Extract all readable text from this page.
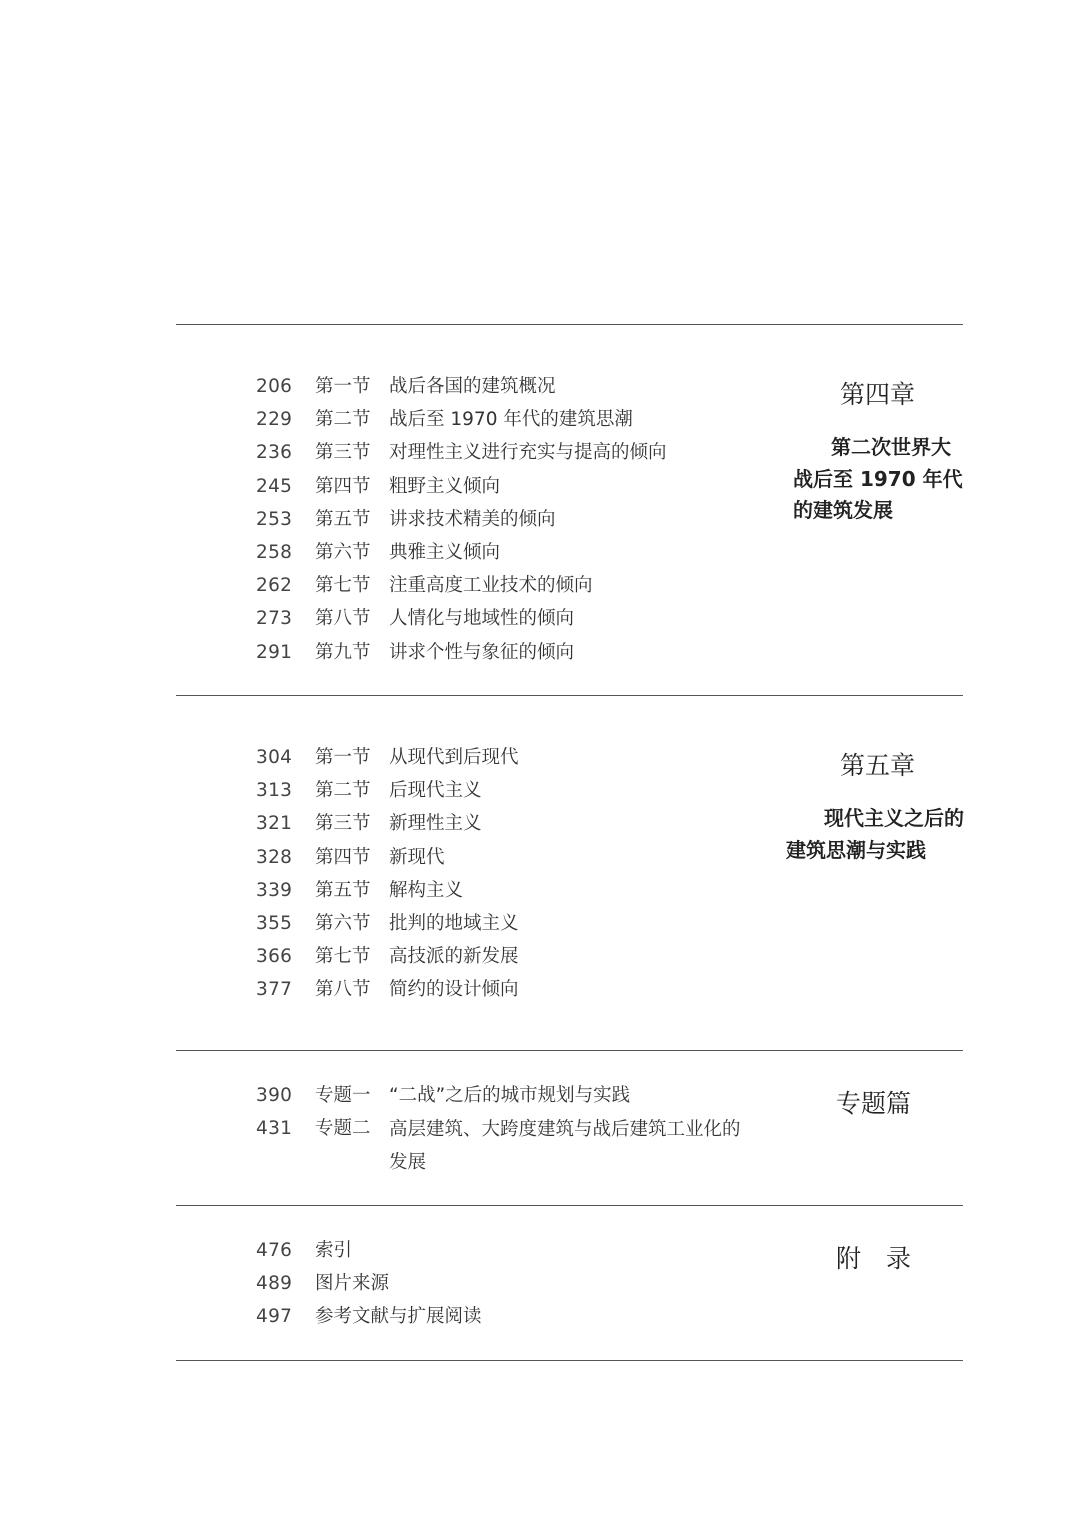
206	第一节 战后各国的建筑概况
229	第二节 战后至 1970 年代的建筑思潮
236	第三节 对理性主义进行充实与提高的倾向
245	第四节 粗野主义倾向
253	第五节 讲求技术精美的倾向
258	第六节 典雅主义倾向
262	第七节 注重高度工业技术的倾向
273	第八节 人情化与地域性的倾向
291	第九节 讲求个性与象征的倾向
第四章
第二次世界大
战后至 1970 年代
的建筑发展
304	第一节 从现代到后现代
313	第二节 后现代主义
321	第三节 新理性主义
328	第四节 新现代
339	第五节 解构主义
355	第六节 批判的地域主义
366	第七节 高技派的新发展
377	第八节 简约的设计倾向
第五章
现代主义之后的
建筑思潮与实践
390	专题一 “二战”之后的城市规划与实践
431	专题二 高层建筑、大跨度建筑与战后建筑工业化的发展
专题篇
476	索引
489	图片来源
497	参考文献与扩展阅读
附　录
